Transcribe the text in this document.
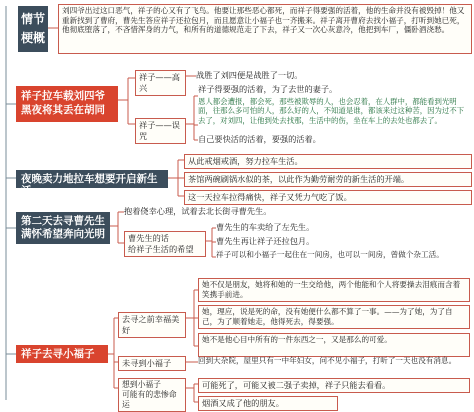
情节梗概
刘四爷出过这口恶气，祥子的心又有了飞鸟。他要让那些恶心都死，而祥子得要强的活着，他的生命并没有被毁掉！他又重新找到了曹府，曹先生答应祥子还拉包月，而且愿意让小福子也一齐搬来。祥子离开曹府去找小福子，打听到她已死，他彻底堕落了，不吝惜浑身的力气，和所有的道德规范走了下去，祥子又一次心灰意冷，他把到车厂，僵卧酒浇愁。
祥子拉车载刘四爷黑夜将其丢在胡同
祥子——高兴
战胜了刘四便是战胜了一切。
祥子——误咒
祥子得要强的活着，为了去世的妻子。
恩人都会遭报，都会死，那些被欺辱的人，也会忍着，在人群中，都能看到光明面，往那么多可怕的人，那么好的人，不知道是谁，都该来过这种苦，因为过不下去了，对刘四，让他到处去找那，生活中的伤，坐在车上的去处也都去了。
自己要快活的活着，要强的活着。
夜晚卖力地拉车想要开启新生活
从此戒烟戒酒，努力拉车生活。
茶馆两碗刷锅水似的茶，以此作为勤劳耐劳的新生活的开端。
这一天拉车拉得痛快，祥子又凭力气吃了饭。
第二天去寻曹先生满怀希望奔向光明
抱着侥幸心理，试着去北长街寻曹先生。
曹先生的话
给祥子生活的希望
曹先生的车卖给了左先生。
曹先生再让祥子还拉包月。
祥子可以和小福子一起住在一间房，也可以一间房，曾做个杂工活。
祥子去寻小福子
去寻之前幸福美好
她不仅是朋友，她将和她的一生交给他，两个他能和个人将要操去泪痕而含着笑携手前进。
她，理应，说是死的命，没有她便什么都不算了一事。——为了她，为了自己，为了顺着她走，他得死去，得要强。
她不是他心目中所有的一件东西之一，又是那么的可爱。
未寻到小福子	回到大杂院，屋里只有一中年妇女，问不见小福子，打听了一天也没有消息。
想到小福子
可能有的悲惨命运
可能死了，可能又被二强子卖掉，祥子只能去看看。
烟酒又成了他的朋友。
